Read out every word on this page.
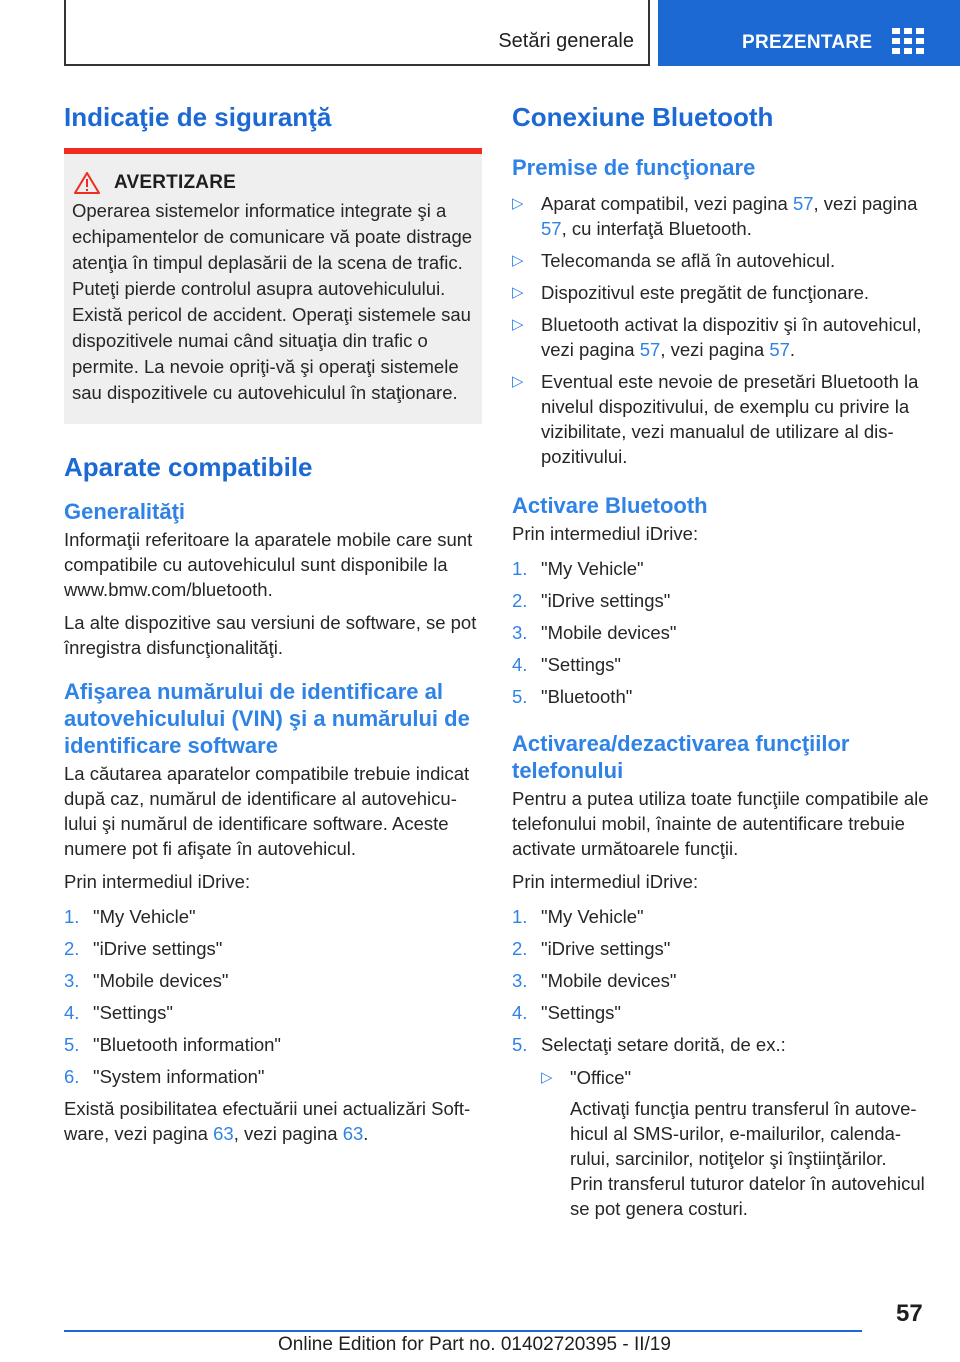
Setări generale	PREZENTARE
Indicaţie de siguranţă
AVERTIZARE

Operarea sistemelor informatice integrate şi a echipamentelor de comunicare vă poate distrage atenţia în timpul deplasării de la scena de trafic. Puteţi pierde controlul asupra autovehiculului. Există pericol de accident. Operaţi sistemele sau dispozitivele numai când situaţia din trafic o permite. La nevoie opriţi-vă şi operaţi sistemele sau dispozitivele cu autovehiculul în staţionare.

Aparate compatibile
Generalităţi

Informaţii referitoare la aparatele mobile care sunt compatibile cu autovehiculul sunt disponibile la www.bmw.com/bluetooth.

La alte dispozitive sau versiuni de software, se pot înregistra disfuncţionalităţi.

Afişarea numărului de identificare al autovehiculului (VIN) şi a numărului de identificare software

La căutarea aparatelor compatibile trebuie indicat după caz, numărul de identificare al autovehiculului şi numărul de identificare software. Aceste numere pot fi afişate în autovehicul.

Prin intermediul iDrive:

1. "My Vehicle"
2. "iDrive settings"
3. "Mobile devices"
4. "Settings"
5. "Bluetooth information"
6. "System information"

Există posibilitatea efectuării unei actualizări Software, vezi pagina 63, vezi pagina 63.

Conexiune Bluetooth
Premise de funcţionare
▷ Aparat compatibil, vezi pagina 57, vezi pagina 57, cu interfaţă Bluetooth.
▷ Telecomanda se află în autovehicul.
▷ Dispozitivul este pregătit de funcţionare.
▷ Bluetooth activat la dispozitiv şi în autovehicul, vezi pagina 57, vezi pagina 57.
▷ Eventual este nevoie de presetări Bluetooth la nivelul dispozitivului, de exemplu cu privire la vizibilitate, vezi manualul de utilizare al dispozitivului.
Activare Bluetooth

Prin intermediul iDrive:

1. "My Vehicle"
2. "iDrive settings"
3. "Mobile devices"
4. "Settings"
5. "Bluetooth"
Activarea/dezactivarea funcţiilor telefonului

Pentru a putea utiliza toate funcţiile compatibile ale telefonului mobil, înainte de autentificare trebuie activate următoarele funcţii.

Prin intermediul iDrive:

1. "My Vehicle"
2. "iDrive settings"
3. "Mobile devices"
4. "Settings"
5. Selectaţi setare dorită, de ex.:
▷ "Office"
Activaţi funcţia pentru transferul în autovehicul al SMS-urilor, e-mailurilor, calendarului, sarcinilor, notiţelor şi înştiinţărilor.
Prin transferul tuturor datelor în autovehicul se pot genera costuri.
57
Online Edition for Part no. 01402720395 - II/19
